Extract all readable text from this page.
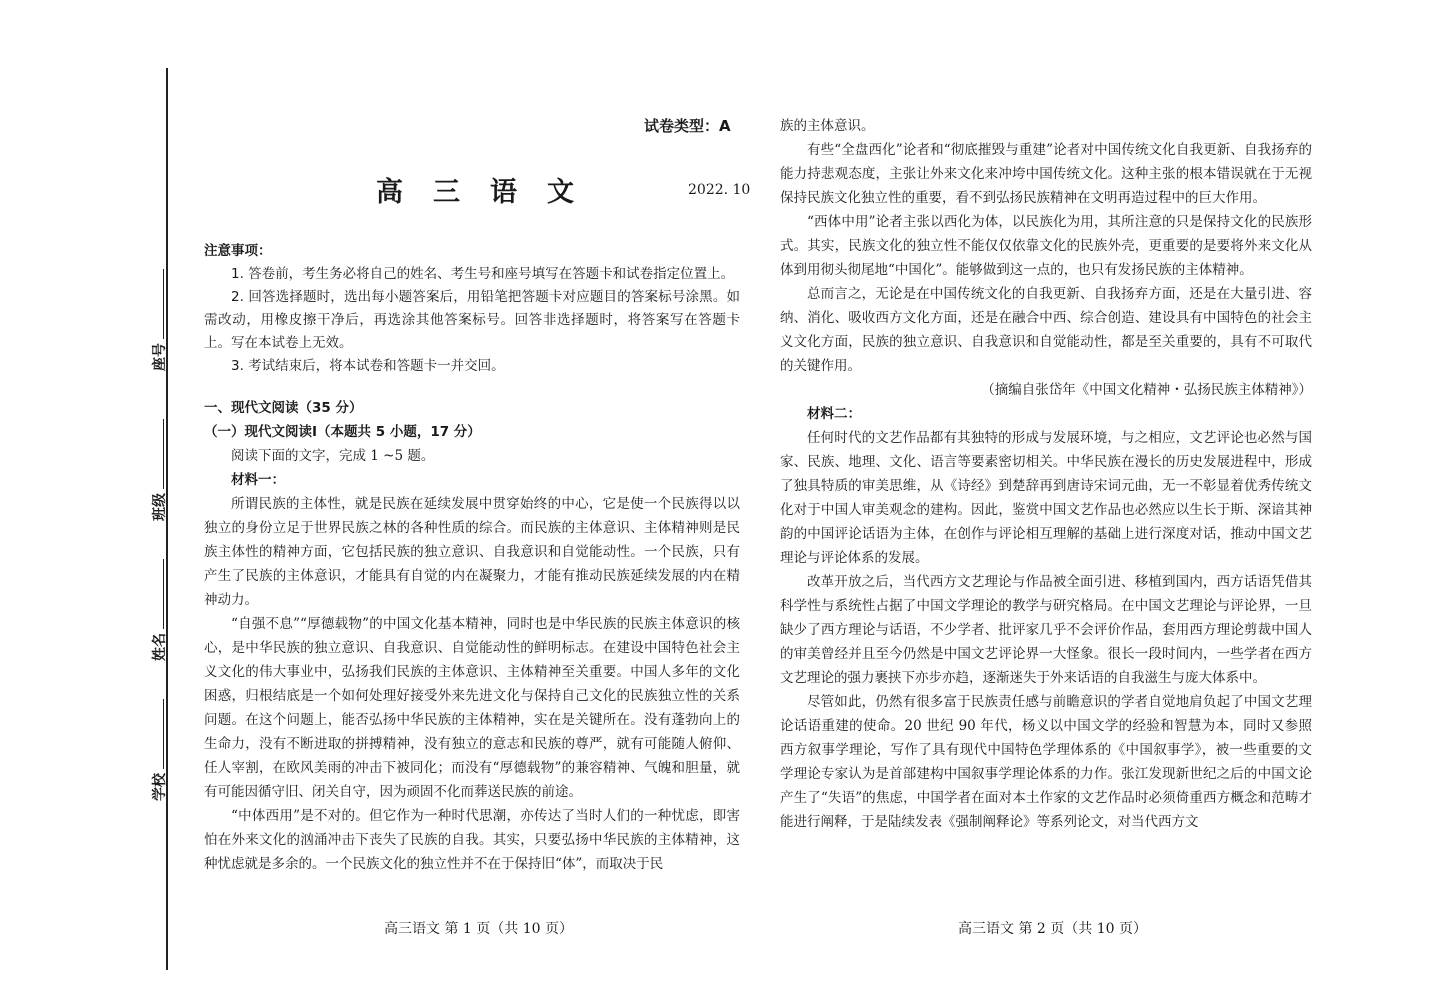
座号
班级
姓名
学校
试卷类型：A
高三语文	2022. 10

注意事项：

1. 答卷前，考生务必将自己的姓名、考生号和座号填写在答题卡和试卷指定位置上。

2. 回答选择题时，选出每小题答案后，用铅笔把答题卡对应题目的答案标号涂黑。如需改动，用橡皮擦干净后，再选涂其他答案标号。回答非选择题时，将答案写在答题卡上。写在本试卷上无效。

3. 考试结束后，将本试卷和答题卡一并交回。

一、现代文阅读（35 分）

（一）现代文阅读Ⅰ（本题共 5 小题，17 分）

阅读下面的文字，完成 1 ~5 题。

材料一：

所谓民族的主体性，就是民族在延续发展中贯穿始终的中心，它是使一个民族得以以独立的身份立足于世界民族之林的各种性质的综合。而民族的主体意识、主体精神则是民族主体性的精神方面，它包括民族的独立意识、自我意识和自觉能动性。一个民族，只有产生了民族的主体意识，才能具有自觉的内在凝聚力，才能有推动民族延续发展的内在精神动力。

“自强不息”“厚德载物”的中国文化基本精神，同时也是中华民族的民族主体意识的核心，是中华民族的独立意识、自我意识、自觉能动性的鲜明标志。在建设中国特色社会主义文化的伟大事业中，弘扬我们民族的主体意识、主体精神至关重要。中国人多年的文化困惑，归根结底是一个如何处理好接受外来先进文化与保持自己文化的民族独立性的关系问题。在这个问题上，能否弘扬中华民族的主体精神，实在是关键所在。没有蓬勃向上的生命力，没有不断进取的拼搏精神，没有独立的意志和民族的尊严，就有可能随人俯仰、任人宰割，在欧风美雨的冲击下被同化；而没有“厚德载物”的兼容精神、气魄和胆量，就有可能因循守旧、闭关自守，因为顽固不化而葬送民族的前途。

“中体西用”是不对的。但它作为一种时代思潮，亦传达了当时人们的一种忧虑，即害怕在外来文化的汹涌冲击下丧失了民族的自我。其实，只要弘扬中华民族的主体精神，这种忧虑就是多余的。一个民族文化的独立性并不在于保持旧“体”，而取决于民

族的主体意识。

有些“全盘西化”论者和“彻底摧毁与重建”论者对中国传统文化自我更新、自我扬弃的能力持悲观态度，主张让外来文化来冲垮中国传统文化。这种主张的根本错误就在于无视保持民族文化独立性的重要，看不到弘扬民族精神在文明再造过程中的巨大作用。

“西体中用”论者主张以西化为体，以民族化为用，其所注意的只是保持文化的民族形式。其实，民族文化的独立性不能仅仅依靠文化的民族外壳，更重要的是要将外来文化从体到用彻头彻尾地“中国化”。能够做到这一点的，也只有发扬民族的主体精神。

总而言之，无论是在中国传统文化的自我更新、自我扬弃方面，还是在大量引进、容纳、消化、吸收西方文化方面，还是在融合中西、综合创造、建设具有中国特色的社会主义文化方面，民族的独立意识、自我意识和自觉能动性，都是至关重要的，具有不可取代的关键作用。

（摘编自张岱年《中国文化精神・弘扬民族主体精神》）

材料二：

任何时代的文艺作品都有其独特的形成与发展环境，与之相应，文艺评论也必然与国家、民族、地理、文化、语言等要素密切相关。中华民族在漫长的历史发展进程中，形成了独具特质的审美思维，从《诗经》到楚辞再到唐诗宋词元曲，无一不彰显着优秀传统文化对于中国人审美观念的建构。因此，鉴赏中国文艺作品也必然应以生长于斯、深谙其神韵的中国评论话语为主体，在创作与评论相互理解的基础上进行深度对话，推动中国文艺理论与评论体系的发展。

改革开放之后，当代西方文艺理论与作品被全面引进、移植到国内，西方话语凭借其科学性与系统性占据了中国文学理论的教学与研究格局。在中国文艺理论与评论界，一旦缺少了西方理论与话语，不少学者、批评家几乎不会评价作品，套用西方理论剪裁中国人的审美曾经并且至今仍然是中国文艺评论界一大怪象。很长一段时间内，一些学者在西方文艺理论的强力裹挟下亦步亦趋，逐渐迷失于外来话语的自我滋生与庞大体系中。

尽管如此，仍然有很多富于民族责任感与前瞻意识的学者自觉地肩负起了中国文艺理论话语重建的使命。20 世纪 90 年代，杨义以中国文学的经验和智慧为本，同时又参照西方叙事学理论，写作了具有现代中国特色学理体系的《中国叙事学》，被一些重要的文学理论专家认为是首部建构中国叙事学理论体系的力作。张江发现新世纪之后的中国文论产生了“失语”的焦虑，中国学者在面对本土作家的文艺作品时必须倚重西方概念和范畴才能进行阐释，于是陆续发表《强制阐释论》等系列论文，对当代西方文

高三语文 第 1 页（共 10 页）	高三语文 第 2 页（共 10 页）
